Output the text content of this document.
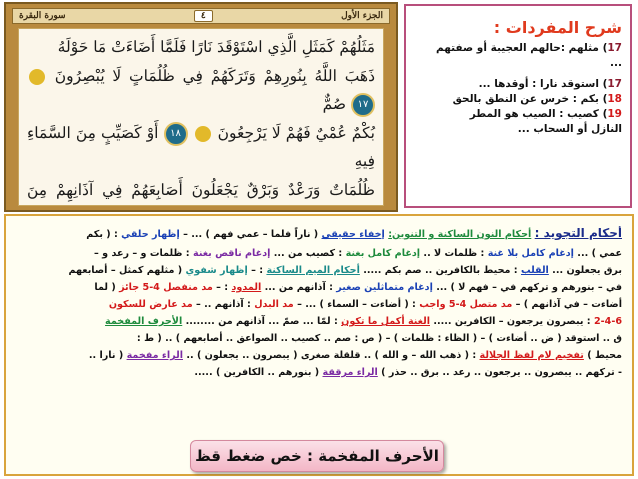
سورة البقرة	٤	الجزء الأول
مَثَلُهُمْ كَمَثَلِ الَّذِي اسْتَوْقَدَ نَارًا فَلَمَّا أَضَاءَتْ مَا حَوْلَهُ
ذَهَبَ اللَّهُ بِنُورِهِمْ وَتَرَكَهُمْ فِي ظُلُمَاتٍ لَا يُبْصِرُونَ  ١٧ صُمٌّ
بُكْمٌ عُمْيٌ فَهُمْ لَا يَرْجِعُونَ  ١٨ أَوْ كَصَيِّبٍ مِنَ السَّمَاءِ فِيهِ
ظُلُمَاتٌ وَرَعْدٌ وَبَرْقٌ يَجْعَلُونَ أَصَابِعَهُمْ فِي آذَانِهِمْ مِنَ

شرح المفردات :
17) مثلهم :حالهم العجيبة أو صفتهم
...
17) استوقد نارا : أوقدها ...
18) بكم : خرس عن النطق بالحق
19) كصيب : الصيب هو المطر
النازل أو السحاب ...
أحكام التجويد : أحكام النون الساكنة و التنوين: إخفاء حقيقي ( ناراً فلما – عمي فهم ) ... – إظهار حلقي : ( بكم
عمي ) ... إدغام كامل بلا غنة : ظلمات لا .. إدغام كامل بغنة : كصيب من ... إدغام ناقص بغنة : ظلمات و – رعد و –
برق يجعلون ... القلب : محيط بالكافرين .. صم بكم ..... أحكام الميم الساكنة : – إظهار شفوي ( مثلهم كمثل – أصابعهم
في – بنورهم و تركهم في – فهم لا ) ... إدغام متماثلين صغير : آذانهم من ... المدود : – مد منفصل 4-5 جائز ( لما
أضاءت – في آذانهم ) – مد متصل 4-5 واجب : ( أضاءت – السماء ) ... – مد البدل : آذانهم .. – مد عارض للسكون
2-4-6 : يبصرون يرجعون – الكافرين ..... الغنة أكمل ما تكون : لمّا ... صمّ ... آذانهم من ........ الأحرف المفخمة
ق .. استوقد ( ض .. أضاءت ) – ( الظاء : ظلمات ) – ( ص : صم .. كصيب .. الصواعق .. أصابعهم ) .. ( ط :
محيط ) تفخيم لام لفظ الجلالة : ( ذهب الله – و الله ) .. قلقلة صغرى ( يبصرون .. يجعلون ) .. الراء مفخمة ( نارا ..
- تركهم .. يبصرون .. يرجعون .. رعد .. برق .. حذر ) الراء مرققة ( بنورهم .. الكافرين ) .....
الأحرف المفخمة : خص ضغط قظ
